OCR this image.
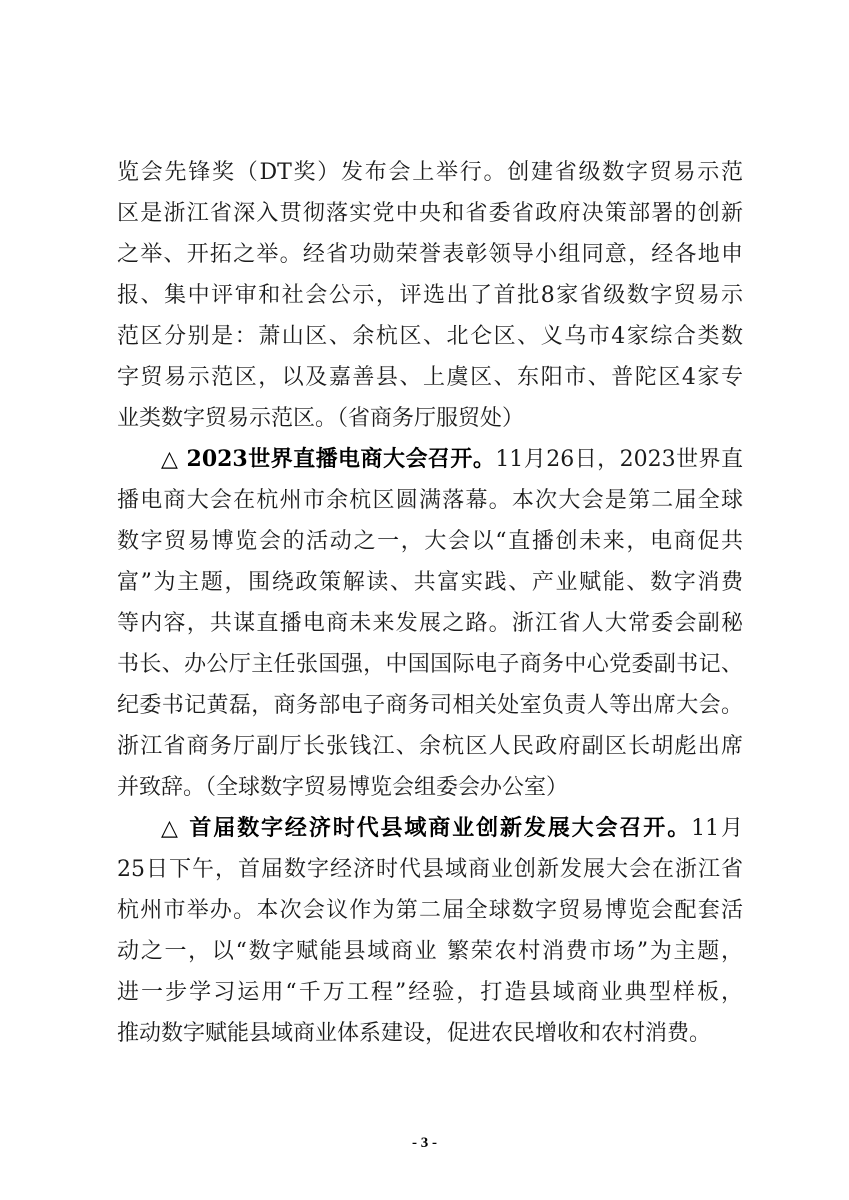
览会先锋奖（DT奖）发布会上举行。创建省级数字贸易示范
区是浙江省深入贯彻落实党中央和省委省政府决策部署的创新
之举、开拓之举。经省功勋荣誉表彰领导小组同意，经各地申
报、集中评审和社会公示，评选出了首批8家省级数字贸易示
范区分别是：萧山区、余杭区、北仑区、义乌市4家综合类数
字贸易示范区，以及嘉善县、上虞区、东阳市、普陀区4家专
业类数字贸易示范区。（省商务厅服贸处）
△ 2023世界直播电商大会召开。11月26日，2023世界直
播电商大会在杭州市余杭区圆满落幕。本次大会是第二届全球
数字贸易博览会的活动之一，大会以“直播创未来，电商促共
富”为主题，围绕政策解读、共富实践、产业赋能、数字消费
等内容，共谋直播电商未来发展之路。浙江省人大常委会副秘
书长、办公厅主任张国强，中国国际电子商务中心党委副书记、
纪委书记黄磊，商务部电子商务司相关处室负责人等出席大会。
浙江省商务厅副厅长张钱江、余杭区人民政府副区长胡彪出席
并致辞。（全球数字贸易博览会组委会办公室）
△ 首届数字经济时代县域商业创新发展大会召开。11月
25日下午，首届数字经济时代县域商业创新发展大会在浙江省
杭州市举办。本次会议作为第二届全球数字贸易博览会配套活
动之一，以“数字赋能县域商业 繁荣农村消费市场”为主题，
进一步学习运用“千万工程”经验，打造县域商业典型样板，
推动数字赋能县域商业体系建设，促进农民增收和农村消费。
- 3 -
